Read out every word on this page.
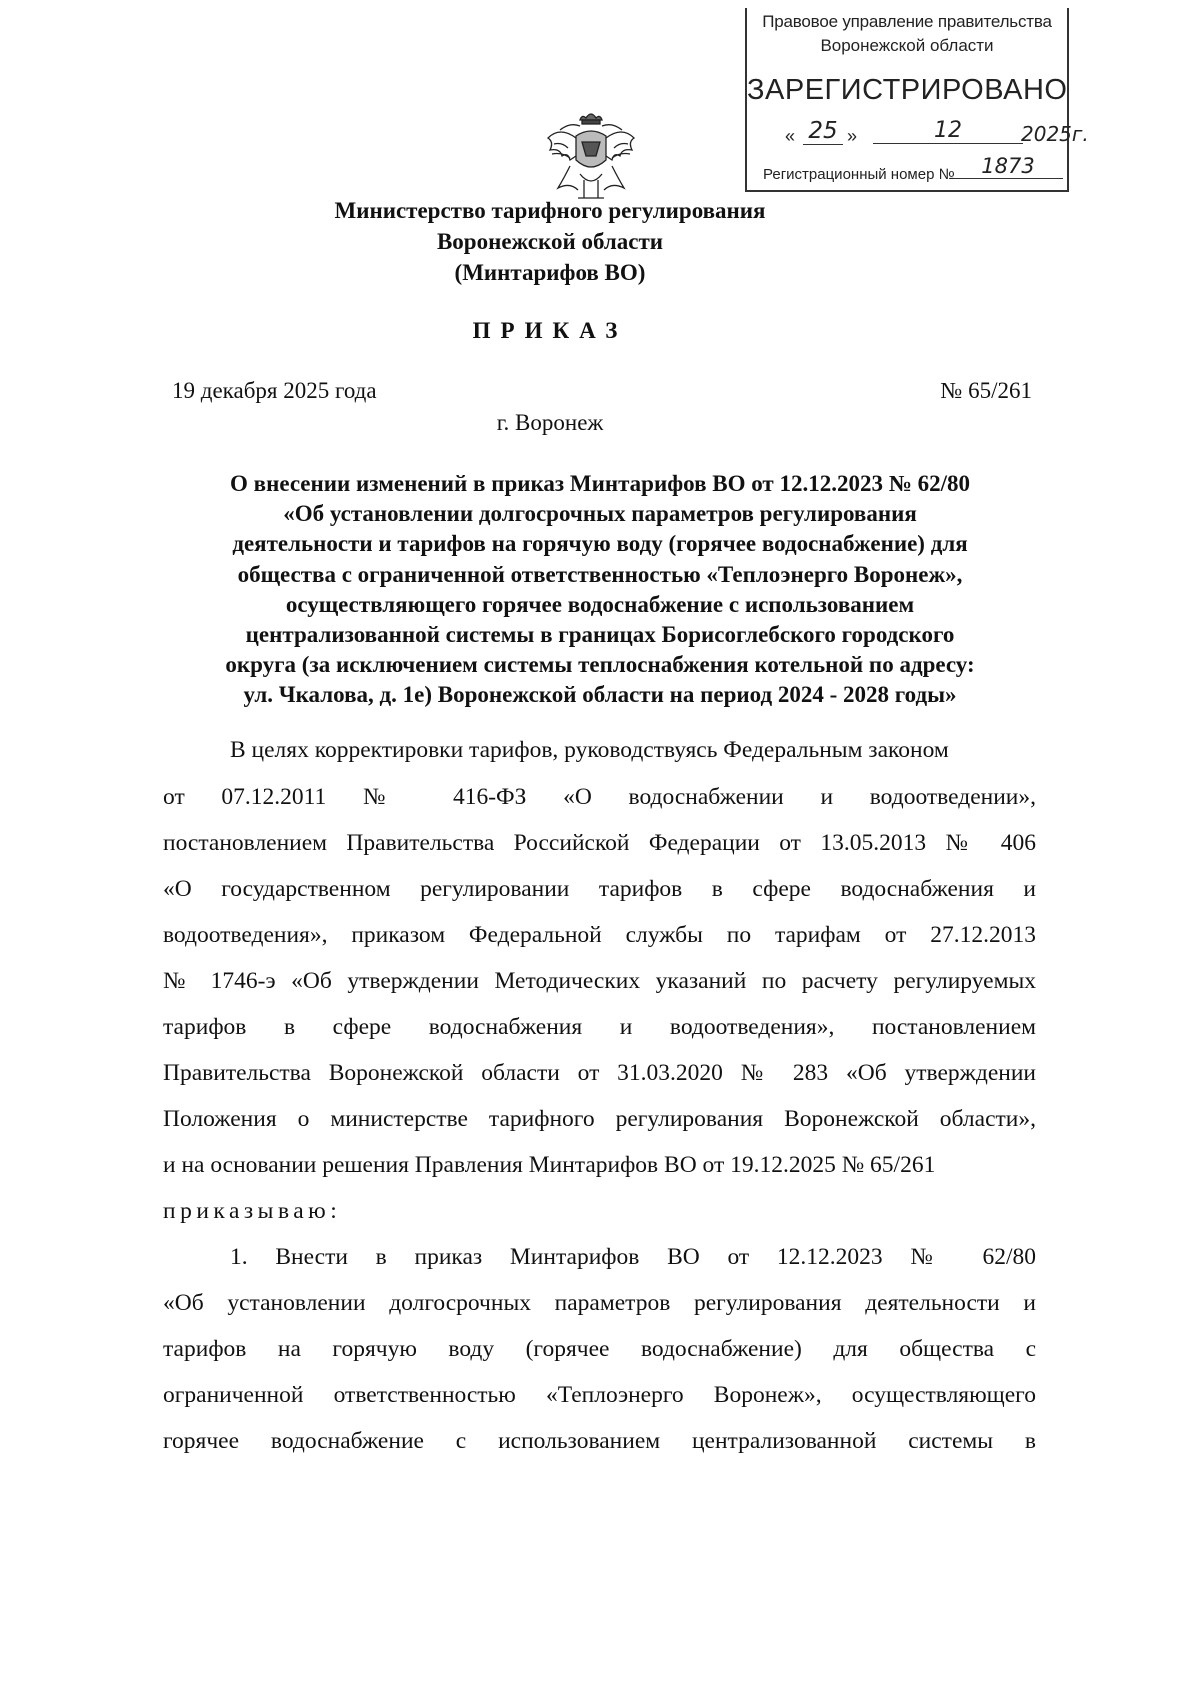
Правовое управление правительства
Воронежской области
ЗАРЕГИСТРИРОВАНО
« 25 »	12	2025г.
Регистрационный номер №	1873
Министерство тарифного регулирования
Воронежской области
(Минтарифов ВО)
ПРИКАЗ
19 декабря 2025 года	№ 65/261
г. Воронеж
О внесении изменений в приказ Минтарифов ВО от 12.12.2023 № 62/80
«Об установлении долгосрочных параметров регулирования
деятельности и тарифов на горячую воду (горячее водоснабжение) для
общества с ограниченной ответственностью «Теплоэнерго Воронеж»,
осуществляющего горячее водоснабжение с использованием
централизованной системы в границах Борисоглебского городского
округа (за исключением системы теплоснабжения котельной по адресу:
ул. Чкалова, д. 1е) Воронежской области на период 2024 - 2028 годы»
В целях корректировки тарифов, руководствуясь Федеральным законом
от 07.12.2011 № 416-ФЗ «О водоснабжении и водоотведении»,
постановлением Правительства Российской Федерации от 13.05.2013 № 406
«О государственном регулировании тарифов в сфере водоснабжения и
водоотведения», приказом Федеральной службы по тарифам от 27.12.2013
№ 1746-э «Об утверждении Методических указаний по расчету регулируемых
тарифов в сфере водоснабжения и водоотведения», постановлением
Правительства Воронежской области от 31.03.2020 № 283 «Об утверждении
Положения о министерстве тарифного регулирования Воронежской области»,
и на основании решения Правления Минтарифов ВО от 19.12.2025 № 65/261
приказываю:
1. Внести в приказ Минтарифов ВО от 12.12.2023 № 62/80
«Об установлении долгосрочных параметров регулирования деятельности и
тарифов на горячую воду (горячее водоснабжение) для общества с
ограниченной ответственностью «Теплоэнерго Воронеж», осуществляющего
горячее водоснабжение с использованием централизованной системы в
